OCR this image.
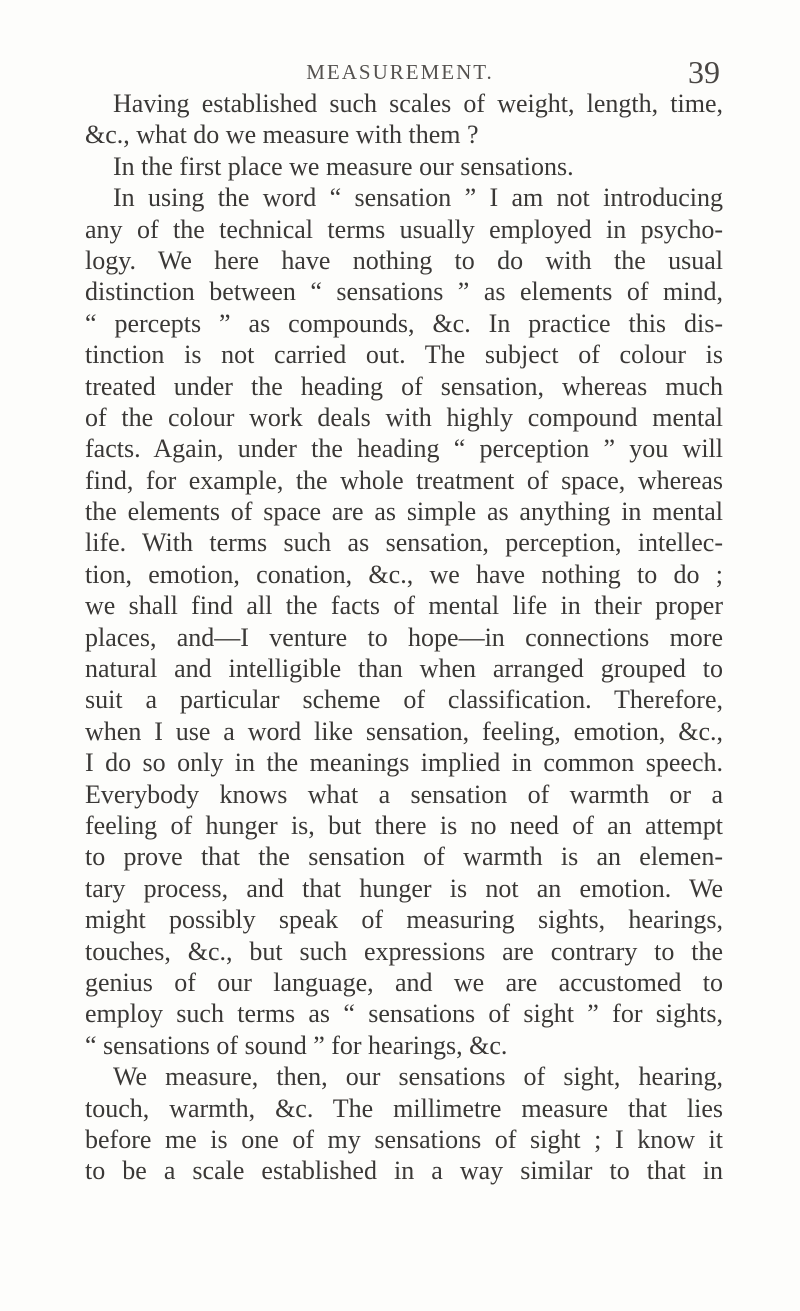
MEASUREMENT.	39
Having established such scales of weight, length, time,
&c., what do we measure with them ?
In the first place we measure our sensations.
In using the word “ sensation ” I am not introducing
any of the technical terms usually employed in psycho-
logy. We here have nothing to do with the usual
distinction between “ sensations ” as elements of mind,
“ percepts ” as compounds, &c. In practice this dis-
tinction is not carried out. The subject of colour is
treated under the heading of sensation, whereas much
of the colour work deals with highly compound mental
facts. Again, under the heading “ perception ” you will
find, for example, the whole treatment of space, whereas
the elements of space are as simple as anything in mental
life. With terms such as sensation, perception, intellec-
tion, emotion, conation, &c., we have nothing to do ;
we shall find all the facts of mental life in their proper
places, and—I venture to hope—in connections more
natural and intelligible than when arranged grouped to
suit a particular scheme of classification. Therefore,
when I use a word like sensation, feeling, emotion, &c.,
I do so only in the meanings implied in common speech.
Everybody knows what a sensation of warmth or a
feeling of hunger is, but there is no need of an attempt
to prove that the sensation of warmth is an elemen-
tary process, and that hunger is not an emotion. We
might possibly speak of measuring sights, hearings,
touches, &c., but such expressions are contrary to the
genius of our language, and we are accustomed to
employ such terms as “ sensations of sight ” for sights,
“ sensations of sound ” for hearings, &c.
We measure, then, our sensations of sight, hearing,
touch, warmth, &c. The millimetre measure that lies
before me is one of my sensations of sight ; I know it
to be a scale established in a way similar to that in
